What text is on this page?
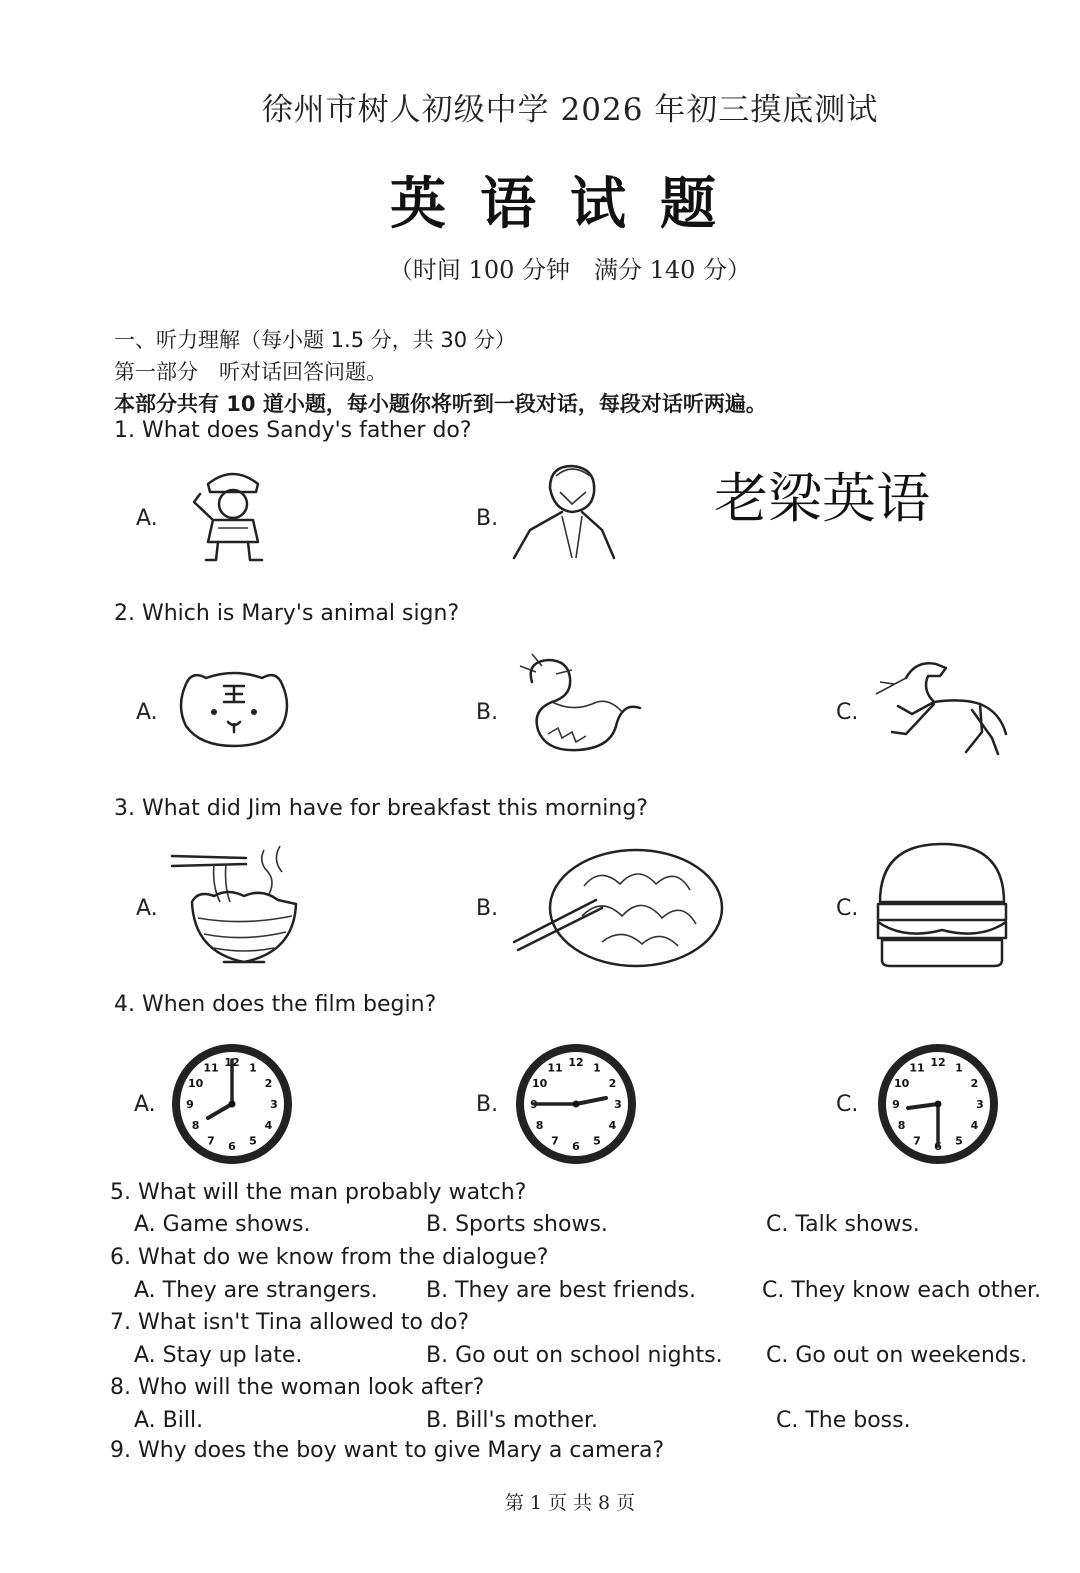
徐州市树人初级中学 2026 年初三摸底测试
英语试题
（时间 100 分钟　满分 140 分）
一、听力理解（每小题 1.5 分，共 30 分）
第一部分　听对话回答问题。
本部分共有 10 道小题，每小题你将听到一段对话，每段对话听两遍。
老梁英语
1. What does Sandy's father do?
A.	B.
2. Which is Mary's animal sign?
A.	B.	C.
3. What did Jim have for breakfast this morning?
A.	B.	C.
4. When does the film begin?
A.	B.	C.
12 1
2
3
4
5
6
7
8
9
10
11	12 1
2
3
4
5
6
7
8
9
10
11	12 1
2
3
4
5
6
7
8
9
10
11
5. What will the man probably watch?
A. Game shows.	B. Sports shows.	C. Talk shows.
6. What do we know from the dialogue?
A. They are strangers. B. They are best friends.	C. They know each other.
7. What isn't Tina allowed to do?
A. Stay up late.	B. Go out on school nights. C. Go out on weekends.
8. Who will the woman look after?
A. Bill.	B. Bill's mother.	C. The boss.
9. Why does the boy want to give Mary a camera?
第 1 页 共 8 页
